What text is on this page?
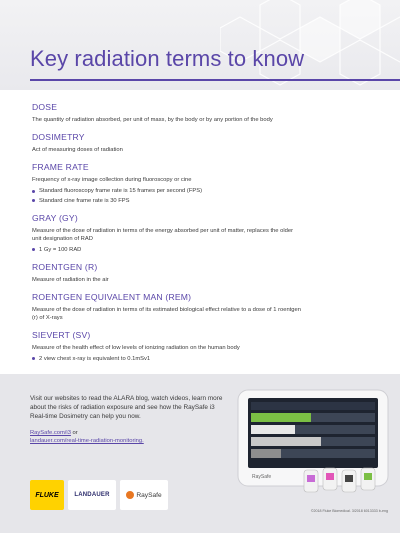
Key radiation terms to know
DOSE

The quantity of radiation absorbed, per unit of mass, by the body or by any portion of the body

DOSIMETRY

Act of measuring doses of radiation

FRAME RATE

Frequency of x-ray image collection during fluoroscopy or cine

Standard fluoroscopy frame rate is 15 frames per second (FPS)
Standard cine frame rate is 30 FPS
GRAY (GY)

Measure of the dose of radiation in terms of the energy absorbed per unit of matter, replaces the older unit designation of RAD

1 Gy = 100 RAD
ROENTGEN (R)

Measure of radiation in the air

ROENTGEN EQUIVALENT MAN (REM)

Measure of the dose of radiation in terms of its estimated biological effect relative to a dose of 1 roentgen (r) of X-rays

SIEVERT (SV)

Measure of the health effect of low levels of ionizing radiation on the human body

2 view chest x-ray is equivalent to 0.1mSv1

Visit our websites to read the ALARA blog, watch videos, learn more about the risks of radiation exposure and see how the RaySafe i3 Real-time Dosimetry can help you now.

RaySafe.com/i3 or
landauer.com/real-time-radiation-monitoring.
RaySafe
FLUKE	LANDAUER	RaySafe
©2018 Fluke Biomedical. 3/2018 6013333 b-eng
